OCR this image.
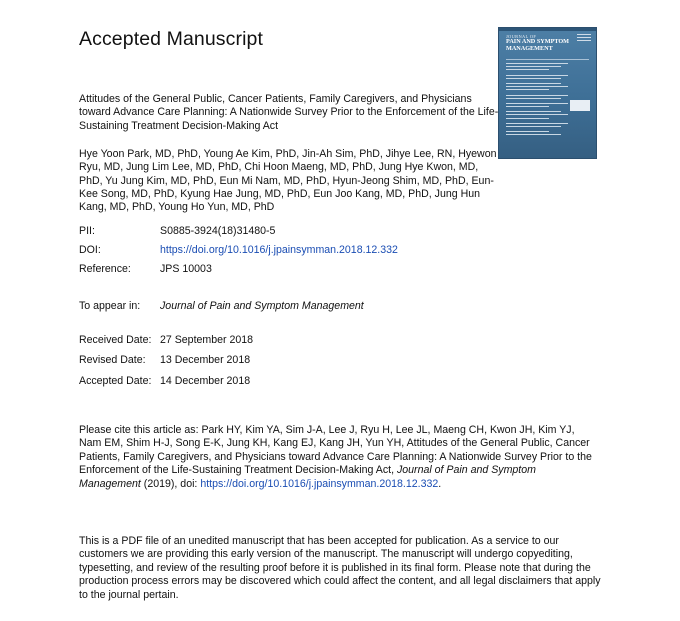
Accepted Manuscript
Attitudes of the General Public, Cancer Patients, Family Caregivers, and Physicians toward Advance Care Planning: A Nationwide Survey Prior to the Enforcement of the Life-Sustaining Treatment Decision-Making Act
Hye Yoon Park, MD, PhD, Young Ae Kim, PhD, Jin-Ah Sim, PhD, Jihye Lee, RN, Hyewon Ryu, MD, Jung Lim Lee, MD, PhD, Chi Hoon Maeng, MD, PhD, Jung Hye Kwon, MD, PhD, Yu Jung Kim, MD, PhD, Eun Mi Nam, MD, PhD, Hyun-Jeong Shim, MD, PhD, Eun-Kee Song, MD, PhD, Kyung Hae Jung, MD, PhD, Eun Joo Kang, MD, PhD, Jung Hun Kang, MD, PhD, Young Ho Yun, MD, PhD
PII:	S0885-3924(18)31480-5
DOI:	https://doi.org/10.1016/j.jpainsymman.2018.12.332
Reference:	JPS 10003
To appear in: Journal of Pain and Symptom Management
Received Date: 27 September 2018
Revised Date: 13 December 2018
Accepted Date: 14 December 2018
Please cite this article as: Park HY, Kim YA, Sim J-A, Lee J, Ryu H, Lee JL, Maeng CH, Kwon JH, Kim YJ, Nam EM, Shim H-J, Song E-K, Jung KH, Kang EJ, Kang JH, Yun YH, Attitudes of the General Public, Cancer Patients, Family Caregivers, and Physicians toward Advance Care Planning: A Nationwide Survey Prior to the Enforcement of the Life-Sustaining Treatment Decision-Making Act, Journal of Pain and Symptom Management (2019), doi: https://doi.org/10.1016/j.jpainsymman.2018.12.332.
This is a PDF file of an unedited manuscript that has been accepted for publication. As a service to our customers we are providing this early version of the manuscript. The manuscript will undergo copyediting, typesetting, and review of the resulting proof before it is published in its final form. Please note that during the production process errors may be discovered which could affect the content, and all legal disclaimers that apply to the journal pertain.
JOURNAL OF
PAIN AND SYMPTOM MANAGEMENT
